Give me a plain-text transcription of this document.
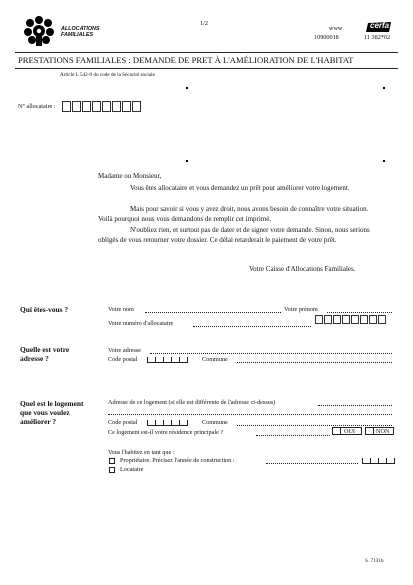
ALLOCATIONS
FAMILIALES
1/2
www
10900018
cerfa
11 382*02
PRESTATIONS FAMILIALES : DEMANDE DE PRET À L'AMÉLIORATION DE L'HABITAT
Article L 542-9 du code de la Sécurité sociale
N° allocataire :
Madame ou Monsieur,
Vous êtes allocataire et vous demandez un prêt pour améliorer votre logement.
Mais pour savoir si vous y avez droit, nous avons besoin de connaître votre situation. Voilà pourquoi nous vous demandons de remplir cet imprimé.
N'oubliez rien, et surtout pas de dater et de signer votre demande. Sinon, nous serions obligés de vous retourner votre dossier. Ce délai retarderait le paiement de votre prêt.
Votre Caisse d'Allocations Familiales.
Qui êtes-vous ?	Votre nom	Votre prénom
Votre numéro d'allocataire
Quelle est votre
adresse ?
Votre adresse
Code postal	Commune
Quel est le logement
que vous voulez
améliorer ?
Adresse de ce logement (si elle est différente de l'adresse ci-dessus)
Code postal	Commune
Ce logement est-il votre résidence principale ?	OUI	NON
Vous l'habitez en tant que :
Propriétaire. Précisez l'année de construction :
Locataire
S. 7131b
